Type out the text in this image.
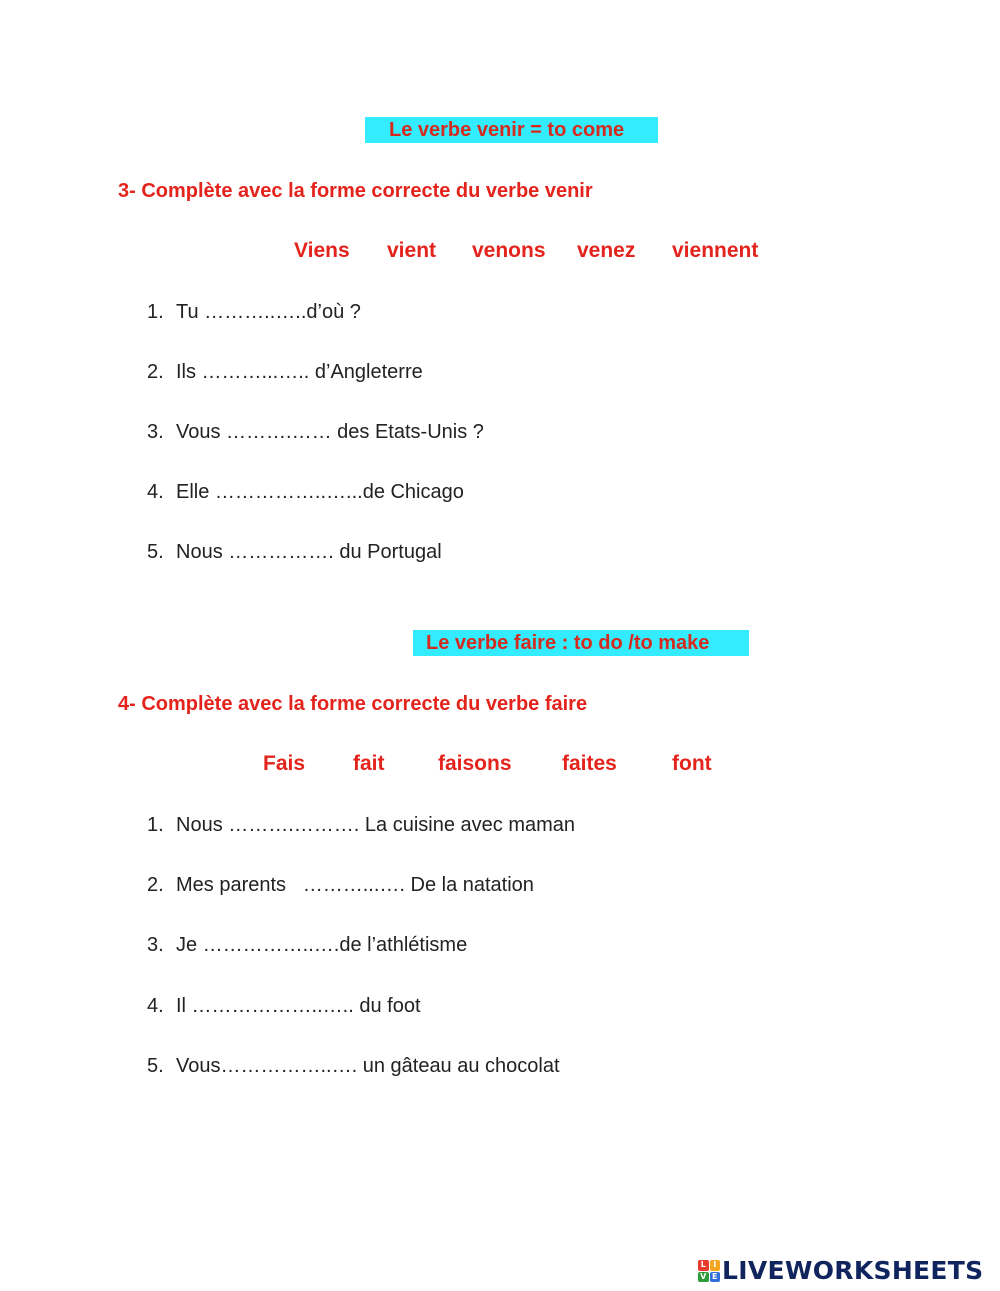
Le verbe venir = to come
3- Complète avec la forme correcte du verbe venir
Viens vient venons venez viennent
1. Tu ………..…..d’où ?
2. Ils ………...….. d’Angleterre
3. Vous ……….…… des Etats-Unis ?
4. Elle ……………..…...de Chicago
5. Nous ……………. du Portugal
Le verbe faire : to do /to make
4- Complète avec la forme correcte du verbe faire
Fais fait	faisons faites	font
1. Nous ……….………. La cuisine avec maman
2. Mes parents   ………...…. De la natation
3. Je ……………..….de l’athlétisme
4. Il ………………..….. du foot
5. Vous……………..…. un gâteau au chocolat
L I
V E LIVEWORKSHEETS
